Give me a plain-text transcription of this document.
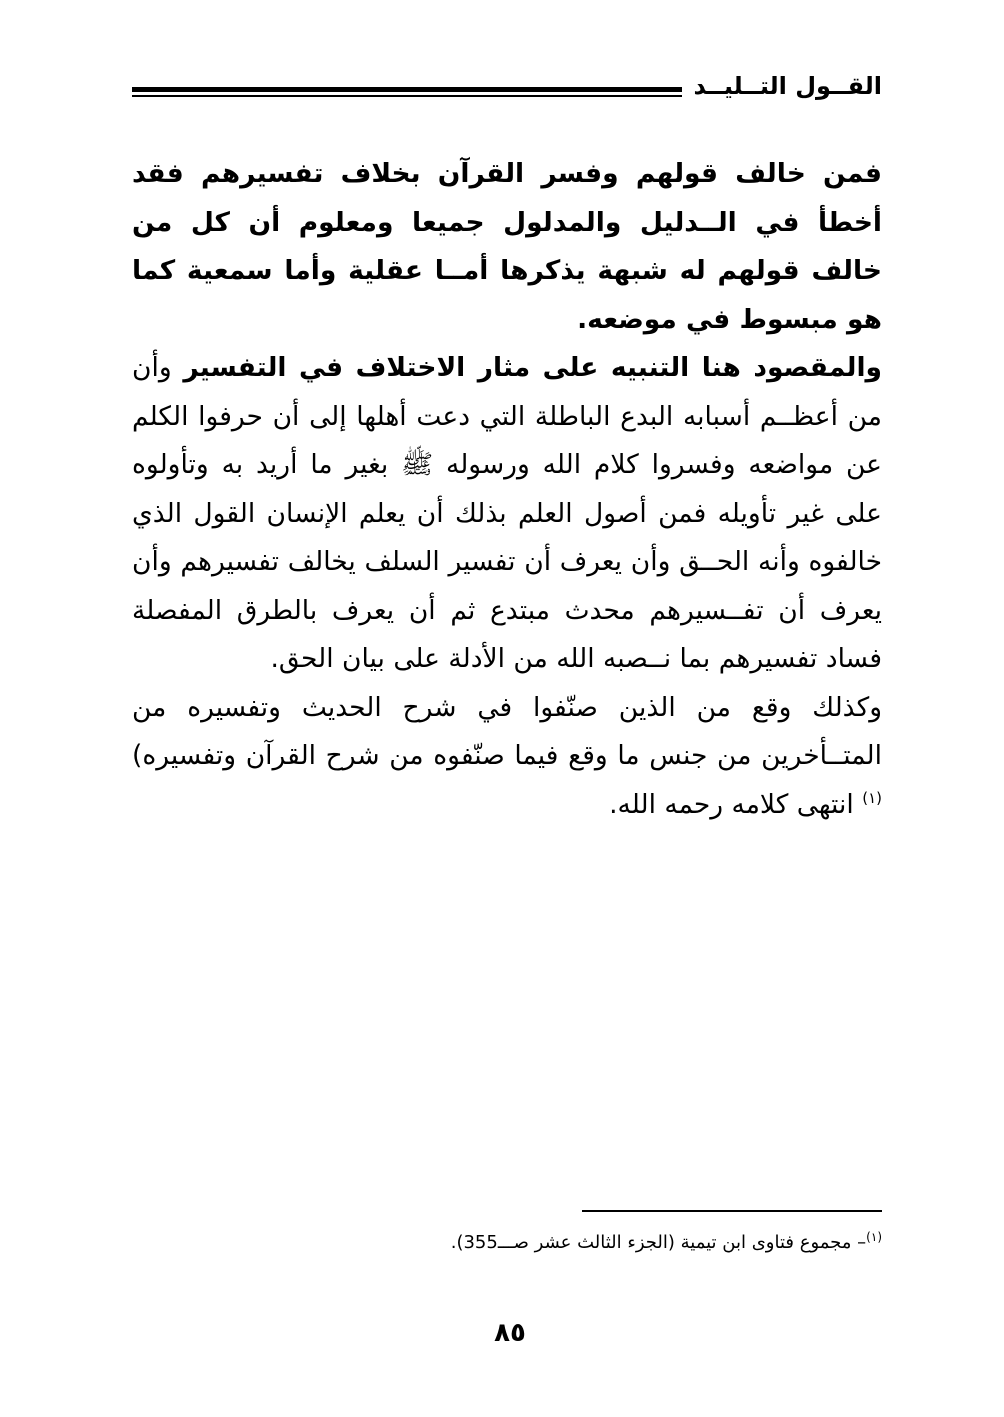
القــول التــليــد

فمن خالف قولهم وفسر القرآن بخلاف تفسيرهم فقد أخطأ في الــدليل والمدلول جميعا ومعلوم أن كل من خالف قولهم له شبهة يذكرها أمــا عقلية وأما سمعية كما هو مبسوط في موضعه.

والمقصود هنا التنبيه على مثار الاختلاف في التفسير وأن من أعظــم أسبابه البدع الباطلة التي دعت أهلها إلى أن حرفوا الكلم عن مواضعه وفسروا كلام الله ورسوله ﷺ بغير ما أريد به وتأولوه على غير تأويله فمن أصول العلم بذلك أن يعلم الإنسان القول الذي خالفوه وأنه الحــق وأن يعرف أن تفسير السلف يخالف تفسيرهم وأن يعرف أن تفــسيرهم محدث مبتدع ثم أن يعرف بالطرق المفصلة فساد تفسيرهم بما نــصبه الله من الأدلة على بيان الحق.

وكذلك وقع من الذين صنّفوا في شرح الحديث وتفسيره من المتــأخرين من جنس ما وقع فيما صنّفوه من شرح القرآن وتفسيره)$^{(١)}$ انتهى كلامه رحمه الله.

$^{(١)}$– مجموع فتاوى ابن تيمية (الجزء الثالث عشر صـــ355).
٨٥
